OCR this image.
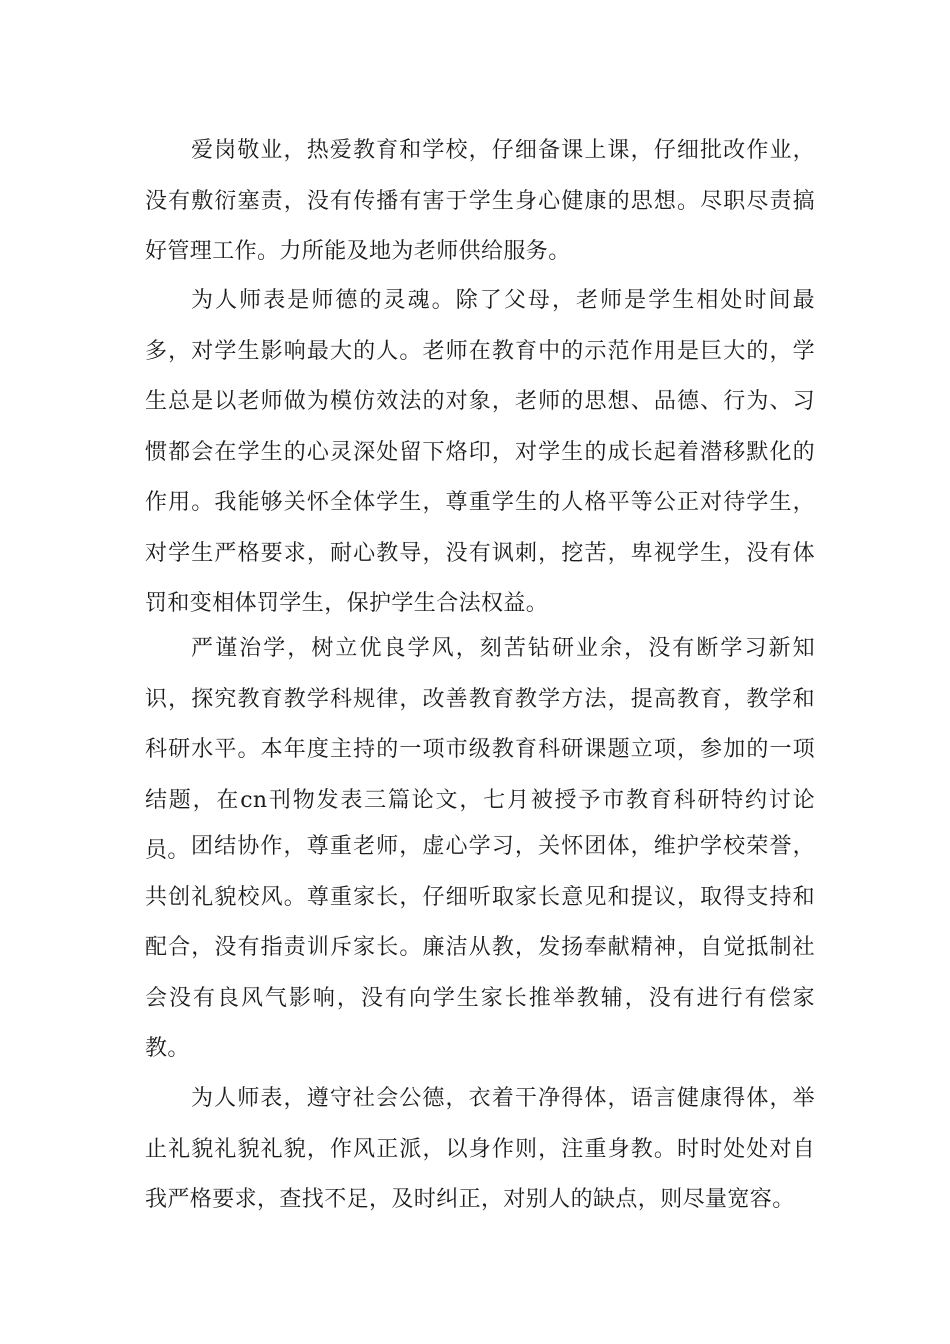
爱岗敬业，热爱教育和学校，仔细备课上课，仔细批改作业，没有敷衍塞责，没有传播有害于学生身心健康的思想。尽职尽责搞好管理工作。力所能及地为老师供给服务。

为人师表是师德的灵魂。除了父母，老师是学生相处时间最多，对学生影响最大的人。老师在教育中的示范作用是巨大的，学生总是以老师做为模仿效法的对象，老师的思想、品德、行为、习惯都会在学生的心灵深处留下烙印，对学生的成长起着潜移默化的作用。我能够关怀全体学生，尊重学生的人格平等公正对待学生，对学生严格要求，耐心教导，没有讽刺，挖苦，卑视学生，没有体罚和变相体罚学生，保护学生合法权益。

严谨治学，树立优良学风，刻苦钻研业余，没有断学习新知识，探究教育教学科规律，改善教育教学方法，提高教育，教学和科研水平。本年度主持的一项市级教育科研课题立项，参加的一项结题，在cn刊物发表三篇论文，七月被授予市教育科研特约讨论员。 团结协作，尊重老师，虚心学习，关怀团体，维护学校荣誉，共创礼貌校风。尊重家长，仔细听取家长意见和提议，取得支持和配合，没有指责训斥家长。廉洁从教，发扬奉献精神，自觉抵制社会没有良风气影响，没有向学生家长推举教辅，没有进行有偿家教。

为人师表，遵守社会公德，衣着干净得体，语言健康得体，举止礼貌礼貌礼貌，作风正派，以身作则，注重身教。时时处处对自我严格要求，查找不足，及时纠正，对别人的缺点，则尽量宽容。
